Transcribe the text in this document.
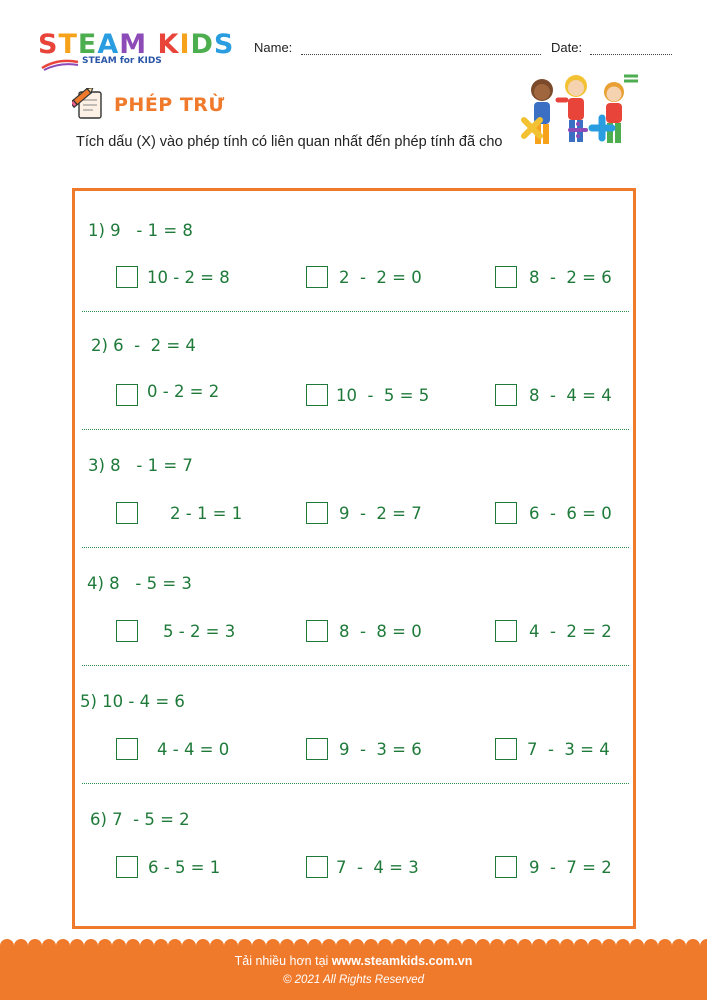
STEAM KIDS
STEAM for KIDS
Name:	Date:
PHÉP TRỪ
Tích dấu (X) vào phép tính có liên quan nhất đến phép tính đã cho
1) 9   - 1 = 8
10 - 2 = 8	2  -  2 = 0	8  -  2 = 6
2) 6  -  2 = 4
0 - 2 = 2	10  -  5 = 5	8  -  4 = 4
3) 8   - 1 = 7
2 - 1 = 1	9  -  2 = 7	6  -  6 = 0
4) 8   - 5 = 3
5 - 2 = 3	8  -  8 = 0	4  -  2 = 2
5) 10 - 4 = 6
4 - 4 = 0	9  -  3 = 6	7  -  3 = 4
6) 7  - 5 = 2
6 - 5 = 1	7  -  4 = 3	9  -  7 = 2
Tải nhiều hơn tại www.steamkids.com.vn
© 2021 All Rights Reserved
